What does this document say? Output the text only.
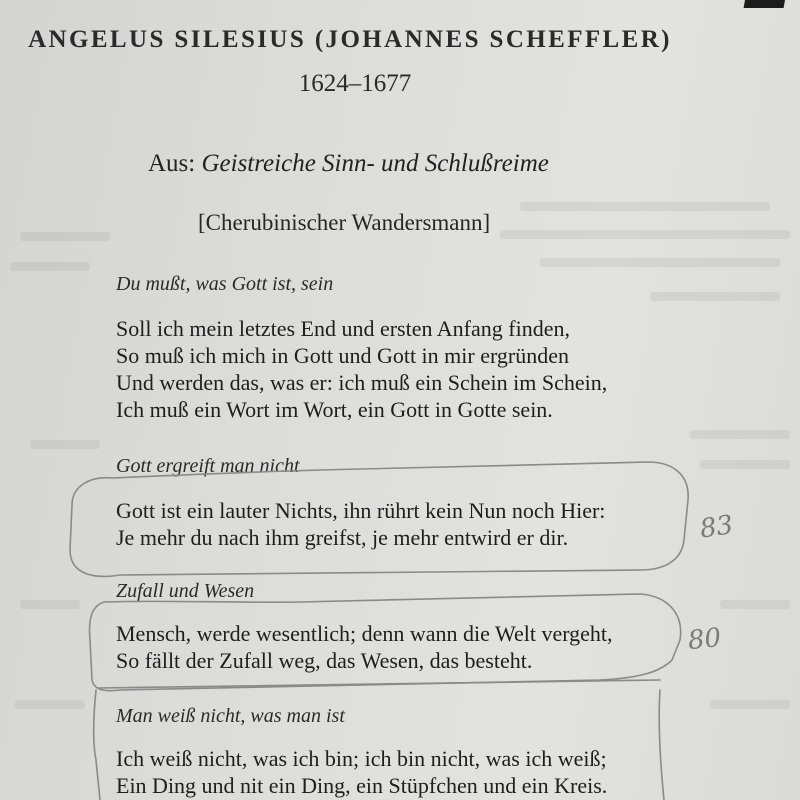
ANGELUS SILESIUS (JOHANNES SCHEFFLER)
1624–1677
Aus: Geistreiche Sinn- und Schlußreime
[Cherubinischer Wandersmann]
Du mußt, was Gott ist, sein
Soll ich mein letztes End und ersten Anfang finden,
So muß ich mich in Gott und Gott in mir ergründen
Und werden das, was er: ich muß ein Schein im Schein,
Ich muß ein Wort im Wort, ein Gott in Gotte sein.
Gott ergreift man nicht
Gott ist ein lauter Nichts, ihn rührt kein Nun noch Hier:
Je mehr du nach ihm greifst, je mehr entwird er dir.
Zufall und Wesen
Mensch, werde wesentlich; denn wann die Welt vergeht,
So fällt der Zufall weg, das Wesen, das besteht.
Man weiß nicht, was man ist
Ich weiß nicht, was ich bin; ich bin nicht, was ich weiß;
Ein Ding und nit ein Ding, ein Stüpfchen und ein Kreis.
83
80
